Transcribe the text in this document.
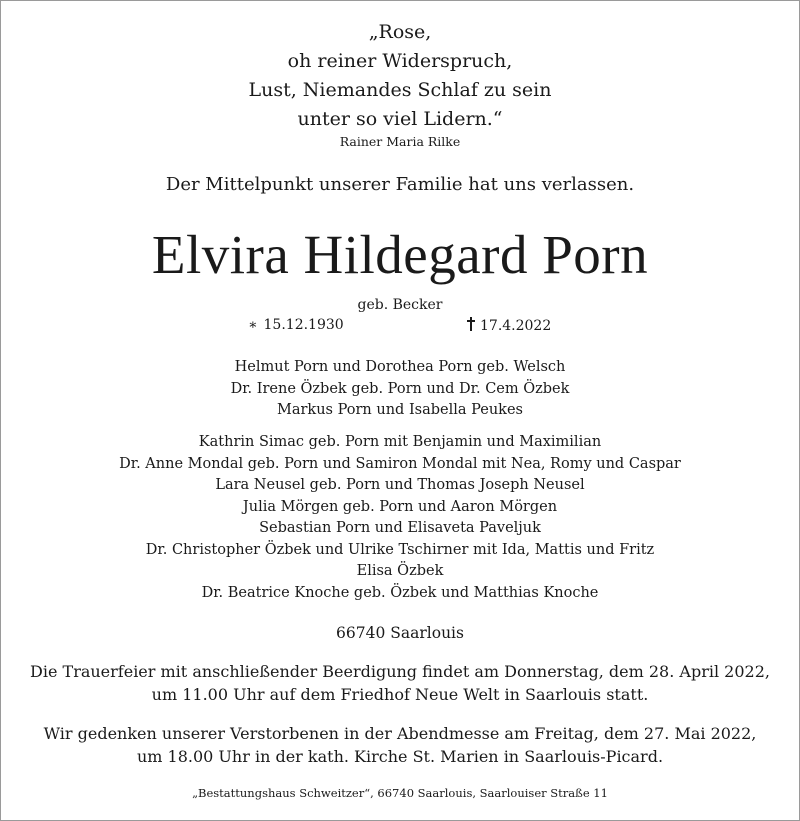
„Rose,
oh reiner Widerspruch,
Lust, Niemandes Schlaf zu sein
unter so viel Lidern.“
Rainer Maria Rilke
Der Mittelpunkt unserer Familie hat uns verlassen.
Elvira Hildegard Porn
geb. Becker
∗ 15.12.1930	17.4.2022
Helmut Porn und Dorothea Porn geb. Welsch
Dr. Irene Özbek geb. Porn und Dr. Cem Özbek
Markus Porn und Isabella Peukes
Kathrin Simac geb. Porn mit Benjamin und Maximilian
Dr. Anne Mondal geb. Porn und Samiron Mondal mit Nea, Romy und Caspar
Lara Neusel geb. Porn und Thomas Joseph Neusel
Julia Mörgen geb. Porn und Aaron Mörgen
Sebastian Porn und Elisaveta Paveljuk
Dr. Christopher Özbek und Ulrike Tschirner mit Ida, Mattis und Fritz
Elisa Özbek
Dr. Beatrice Knoche geb. Özbek und Matthias Knoche
66740 Saarlouis
Die Trauerfeier mit anschließender Beerdigung findet am Donnerstag, dem 28. April 2022,
um 11.00 Uhr auf dem Friedhof Neue Welt in Saarlouis statt.
Wir gedenken unserer Verstorbenen in der Abendmesse am Freitag, dem 27. Mai 2022,
um 18.00 Uhr in der kath. Kirche St. Marien in Saarlouis-Picard.
„Bestattungshaus Schweitzer“, 66740 Saarlouis, Saarlouiser Straße 11
